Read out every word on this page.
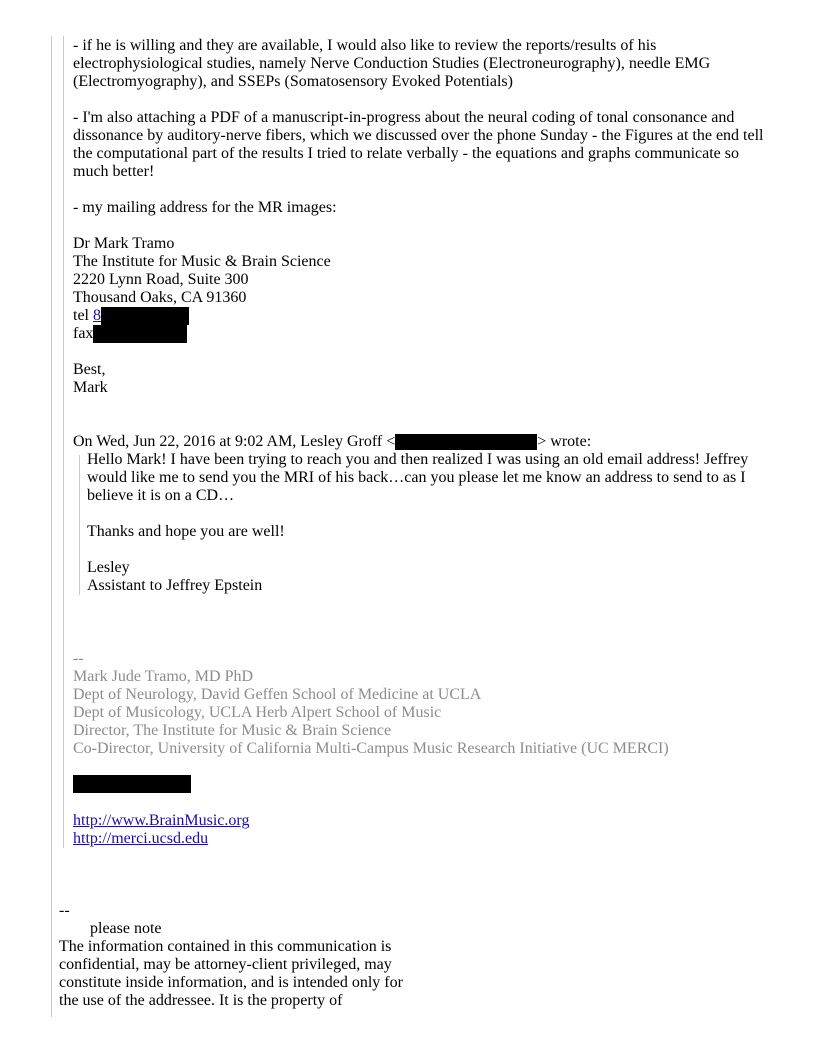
- if he is willing and they are available, I would also like to review the reports/results of his electrophysiological studies, namely Nerve Conduction Studies (Electroneurography), needle EMG (Electromyography), and SSEPs (Somatosensory Evoked Potentials)
- I'm also attaching a PDF of a manuscript-in-progress about the neural coding of tonal consonance and dissonance by auditory-nerve fibers, which we discussed over the phone Sunday - the Figures at the end tell the computational part of the results I tried to relate verbally - the equations and graphs communicate so much better!
- my mailing address for the MR images:
Dr Mark Tramo
The Institute for Music & Brain Science
2220 Lynn Road, Suite 300
Thousand Oaks, CA 91360
tel 8
fax
Best,
Mark
On Wed, Jun 22, 2016 at 9:02 AM, Lesley Groff <	> wrote:
Hello Mark! I have been trying to reach you and then realized I was using an old email address! Jeffrey would like me to send you the MRI of his back…can you please let me know an address to send to as I believe it is on a CD…
Thanks and hope you are well!
Lesley
Assistant to Jeffrey Epstein
--
Mark Jude Tramo, MD PhD
Dept of Neurology, David Geffen School of Medicine at UCLA
Dept of Musicology, UCLA Herb Alpert School of Music
Director, The Institute for Music & Brain Science
Co-Director, University of California Multi-Campus Music Research Initiative (UC MERCI)
http://www.BrainMusic.org
http://merci.ucsd.edu
--
please note
The information contained in this communication is confidential, may be attorney-client privileged, may constitute inside information, and is intended only for the use of the addressee. It is the property of
